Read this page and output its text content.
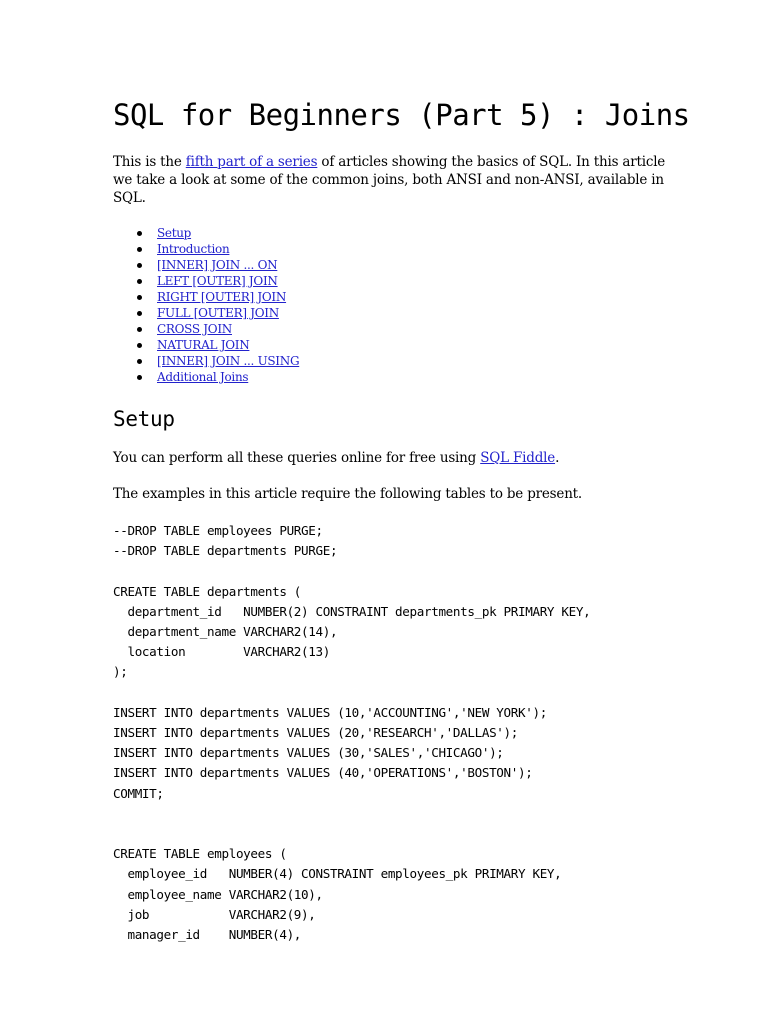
SQL for Beginners (Part 5) : Joins

This is the fifth part of a series of articles showing the basics of SQL. In this article we take a look at some of the common joins, both ANSI and non-ANSI, available in SQL.

Setup
Introduction
[INNER] JOIN ... ON
LEFT [OUTER] JOIN
RIGHT [OUTER] JOIN
FULL [OUTER] JOIN
CROSS JOIN
NATURAL JOIN
[INNER] JOIN ... USING
Additional Joins
Setup

You can perform all these queries online for free using SQL Fiddle.

The examples in this article require the following tables to be present.

--DROP TABLE employees PURGE;
--DROP TABLE departments PURGE;
CREATE TABLE departments (
department_id   NUMBER(2) CONSTRAINT departments_pk PRIMARY KEY,
department_name VARCHAR2(14),
location        VARCHAR2(13)
);
INSERT INTO departments VALUES (10,'ACCOUNTING','NEW YORK');
INSERT INTO departments VALUES (20,'RESEARCH','DALLAS');
INSERT INTO departments VALUES (30,'SALES','CHICAGO');
INSERT INTO departments VALUES (40,'OPERATIONS','BOSTON');
COMMIT;
CREATE TABLE employees (
employee_id   NUMBER(4) CONSTRAINT employees_pk PRIMARY KEY,
employee_name VARCHAR2(10),
job           VARCHAR2(9),
manager_id    NUMBER(4),
